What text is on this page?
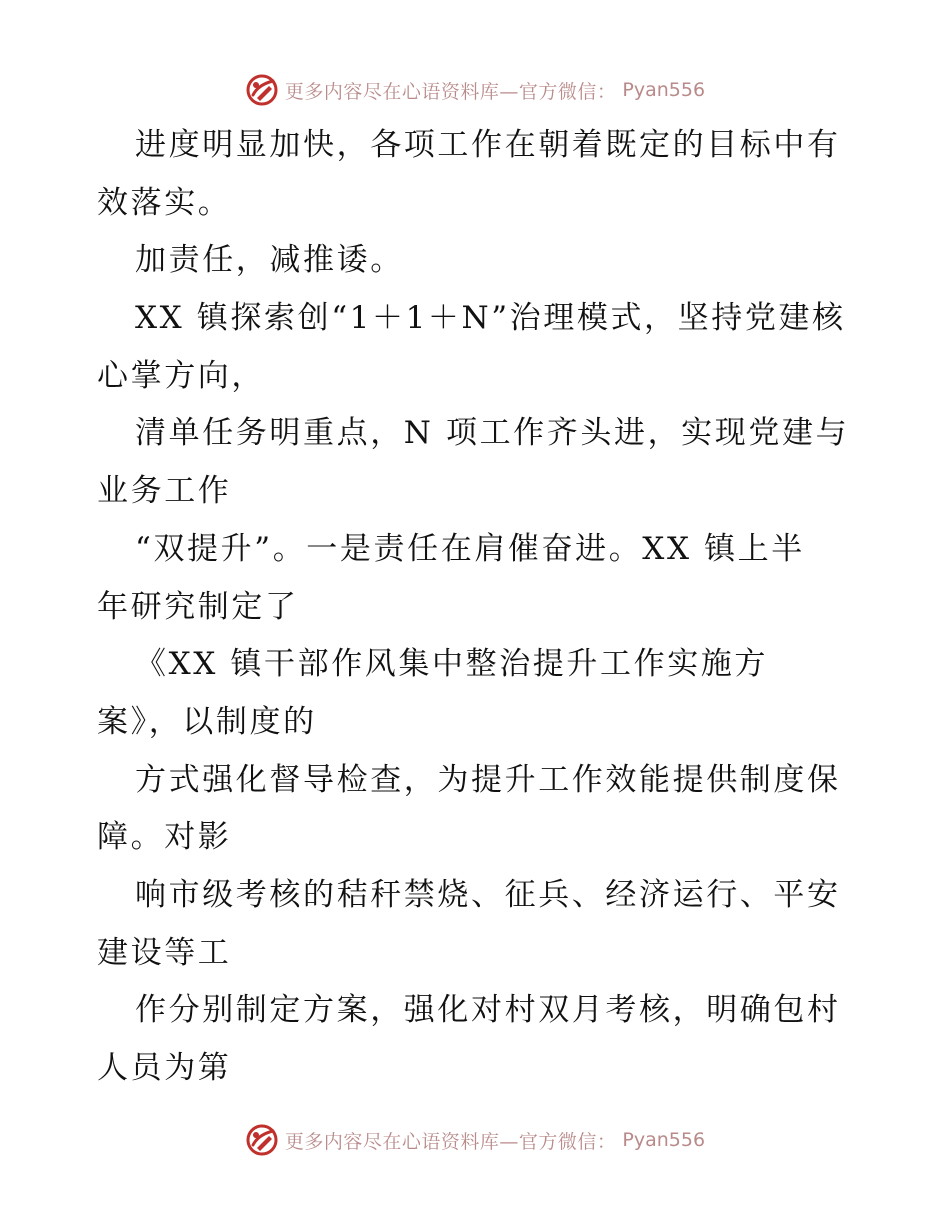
更多内容尽在心语资料库—官方微信： Pyan556
进度明显加快，各项工作在朝着既定的目标中有
效落实。
加责任，减推诿。
XX 镇探索创“1＋1＋N”治理模式，坚持党建核
心掌方向，
清单任务明重点，N 项工作齐头进，实现党建与
业务工作
“双提升”。一是责任在肩催奋进。XX 镇上半
年研究制定了
《XX 镇干部作风集中整治提升工作实施方
案》，以制度的
方式强化督导检查，为提升工作效能提供制度保
障。对影
响市级考核的秸秆禁烧、征兵、经济运行、平安
建设等工
作分别制定方案，强化对村双月考核，明确包村
人员为第
更多内容尽在心语资料库—官方微信： Pyan556
